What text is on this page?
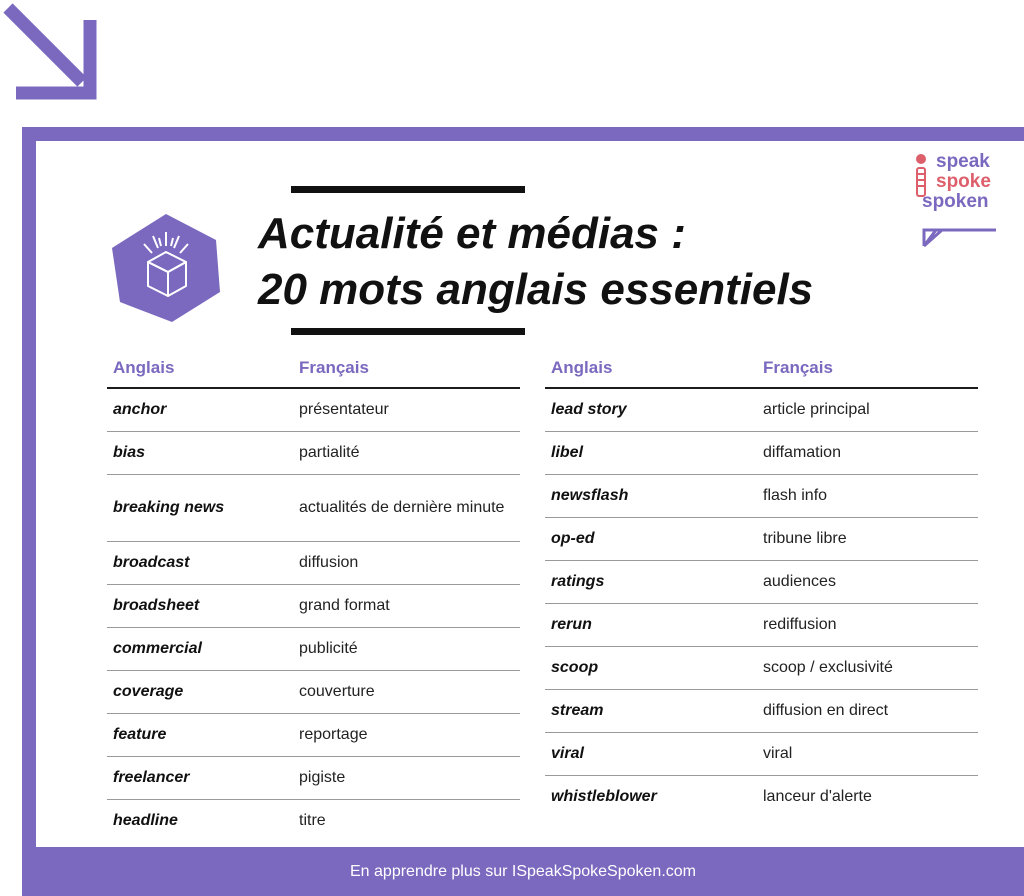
En apprendre plus sur ISpeakSpokeSpoken.com
Actualité et médias :
20 mots anglais essentiels
speak
spoke
spoken
Anglais	Français
anchor	présentateur
bias	partialité
breaking news	actualités de dernière minute
broadcast	diffusion
broadsheet	grand format
commercial	publicité
coverage	couverture
feature	reportage
freelancer	pigiste
headline	titre
Anglais	Français
lead story	article principal
libel	diffamation
newsflash	flash info
op-ed	tribune libre
ratings	audiences
rerun	rediffusion
scoop	scoop / exclusivité
stream	diffusion en direct
viral	viral
whistleblower	lanceur d'alerte
